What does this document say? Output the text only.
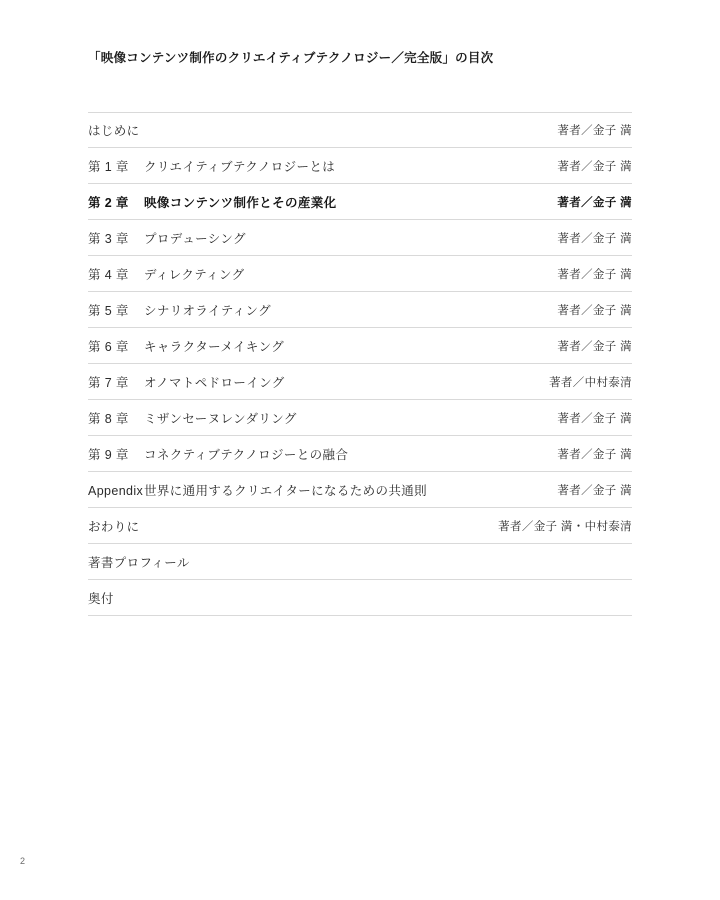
「映像コンテンツ制作のクリエイティブテクノロジー／完全版」の目次
はじめに	著者／金子 満
第 1 章	クリエイティブテクノロジーとは	著者／金子 満
第 2 章	映像コンテンツ制作とその産業化	著者／金子 満
第 3 章	プロデューシング	著者／金子 満
第 4 章	ディレクティング	著者／金子 満
第 5 章	シナリオライティング	著者／金子 満
第 6 章	キャラクターメイキング	著者／金子 満
第 7 章	オノマトペドローイング	著者／中村泰清
第 8 章	ミザンセーヌレンダリング	著者／金子 満
第 9 章	コネクティブテクノロジーとの融合	著者／金子 満
Appendix 世界に通用するクリエイターになるための共通則	著者／金子 満
おわりに	著者／金子 満・中村泰清
著書プロフィール
奥付
2
